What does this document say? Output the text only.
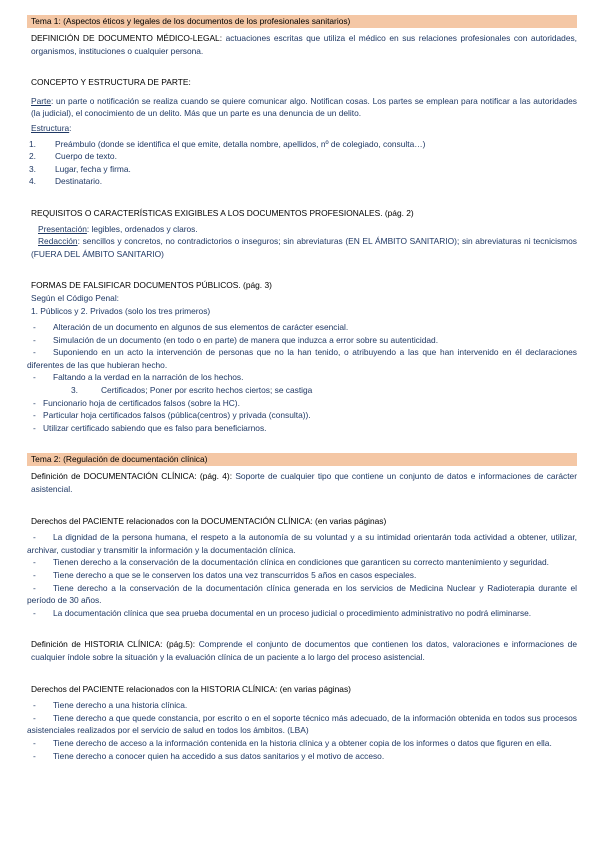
Tema 1: (Aspectos éticos y legales de los documentos de los profesionales sanitarios)

DEFINICIÓN DE DOCUMENTO MÉDICO-LEGAL: actuaciones escritas que utiliza el médico en sus relaciones profesionales con autoridades, organismos, instituciones o cualquier persona.

CONCEPTO Y ESTRUCTURA DE PARTE:

Parte: un parte o notificación se realiza cuando se quiere comunicar algo. Notifican cosas. Los partes se emplean para notificar a las autoridades (la judicial), el conocimiento de un delito. Más que un parte es una denuncia de un delito.

Estructura:
1.	Preámbulo (donde se identifica el que emite, detalla nombre, apellidos, nº de colegiado, consulta…)
2.	Cuerpo de texto.
3.	Lugar, fecha y firma.
4.	Destinatario.
REQUISITOS O CARACTERÍSTICAS EXIGIBLES A LOS DOCUMENTOS PROFESIONALES. (pág. 2)
Presentación: legibles, ordenados y claros.

Redacción: sencillos y concretos, no contradictorios o inseguros; sin abreviaturas (EN EL ÁMBITO SANITARIO); sin abreviaturas ni tecnicismos (FUERA DEL ÁMBITO SANITARIO)

FORMAS DE FALSIFICAR DOCUMENTOS PÚBLICOS. (pág. 3)
Según el Código Penal:
1. Públicos y 2. Privados (solo los tres primeros)
- Alteración de un documento en algunos de sus elementos de carácter esencial.
- Simulación de un documento (en todo o en parte) de manera que induzca a error sobre su autenticidad.
- Suponiendo en un acto la intervención de personas que no la han tenido, o atribuyendo a las que han intervenido en él declaraciones diferentes de las que hubieran hecho.
- Faltando a la verdad en la narración de los hechos.
3.	Certificados; Poner por escrito hechos ciertos; se castiga
- Funcionario hoja de certificados falsos (sobre la HC).
- Particular hoja certificados falsos (pública(centros) y privada (consulta)).
- Utilizar certificado sabiendo que es falso para beneficiarnos.
Tema 2: (Regulación de documentación clínica)

Definición de DOCUMENTACIÓN CLÍNICA: (pág. 4): Soporte de cualquier tipo que contiene un conjunto de datos e informaciones de carácter asistencial.

Derechos del PACIENTE relacionados con la DOCUMENTACIÓN CLÍNICA: (en varias páginas)
- La dignidad de la persona humana, el respeto a la autonomía de su voluntad y a su intimidad orientarán toda actividad a obtener, utilizar, archivar, custodiar y transmitir la información y la documentación clínica.
- Tienen derecho a la conservación de la documentación clínica en condiciones que garanticen su correcto mantenimiento y seguridad.
- Tiene derecho a que se le conserven los datos una vez transcurridos 5 años en casos especiales.
- Tiene derecho a la conservación de la documentación clínica generada en los servicios de Medicina Nuclear y Radioterapia durante el período de 30 años.
- La documentación clínica que sea prueba documental en un proceso judicial o procedimiento administrativo no podrá eliminarse.

Definición de HISTORIA CLÍNICA: (pág.5): Comprende el conjunto de documentos que contienen los datos, valoraciones e informaciones de cualquier índole sobre la situación y la evaluación clínica de un paciente a lo largo del proceso asistencial.

Derechos del PACIENTE relacionados con la HISTORIA CLÍNICA: (en varias páginas)
- Tiene derecho a una historia clínica.
- Tiene derecho a que quede constancia, por escrito o en el soporte técnico más adecuado, de la información obtenida en todos sus procesos asistenciales realizados por el servicio de salud en todos los ámbitos. (LBA)
- Tiene derecho de acceso a la información contenida en la historia clínica y a obtener copia de los informes o datos que figuren en ella.
- Tiene derecho a conocer quien ha accedido a sus datos sanitarios y el motivo de acceso.
